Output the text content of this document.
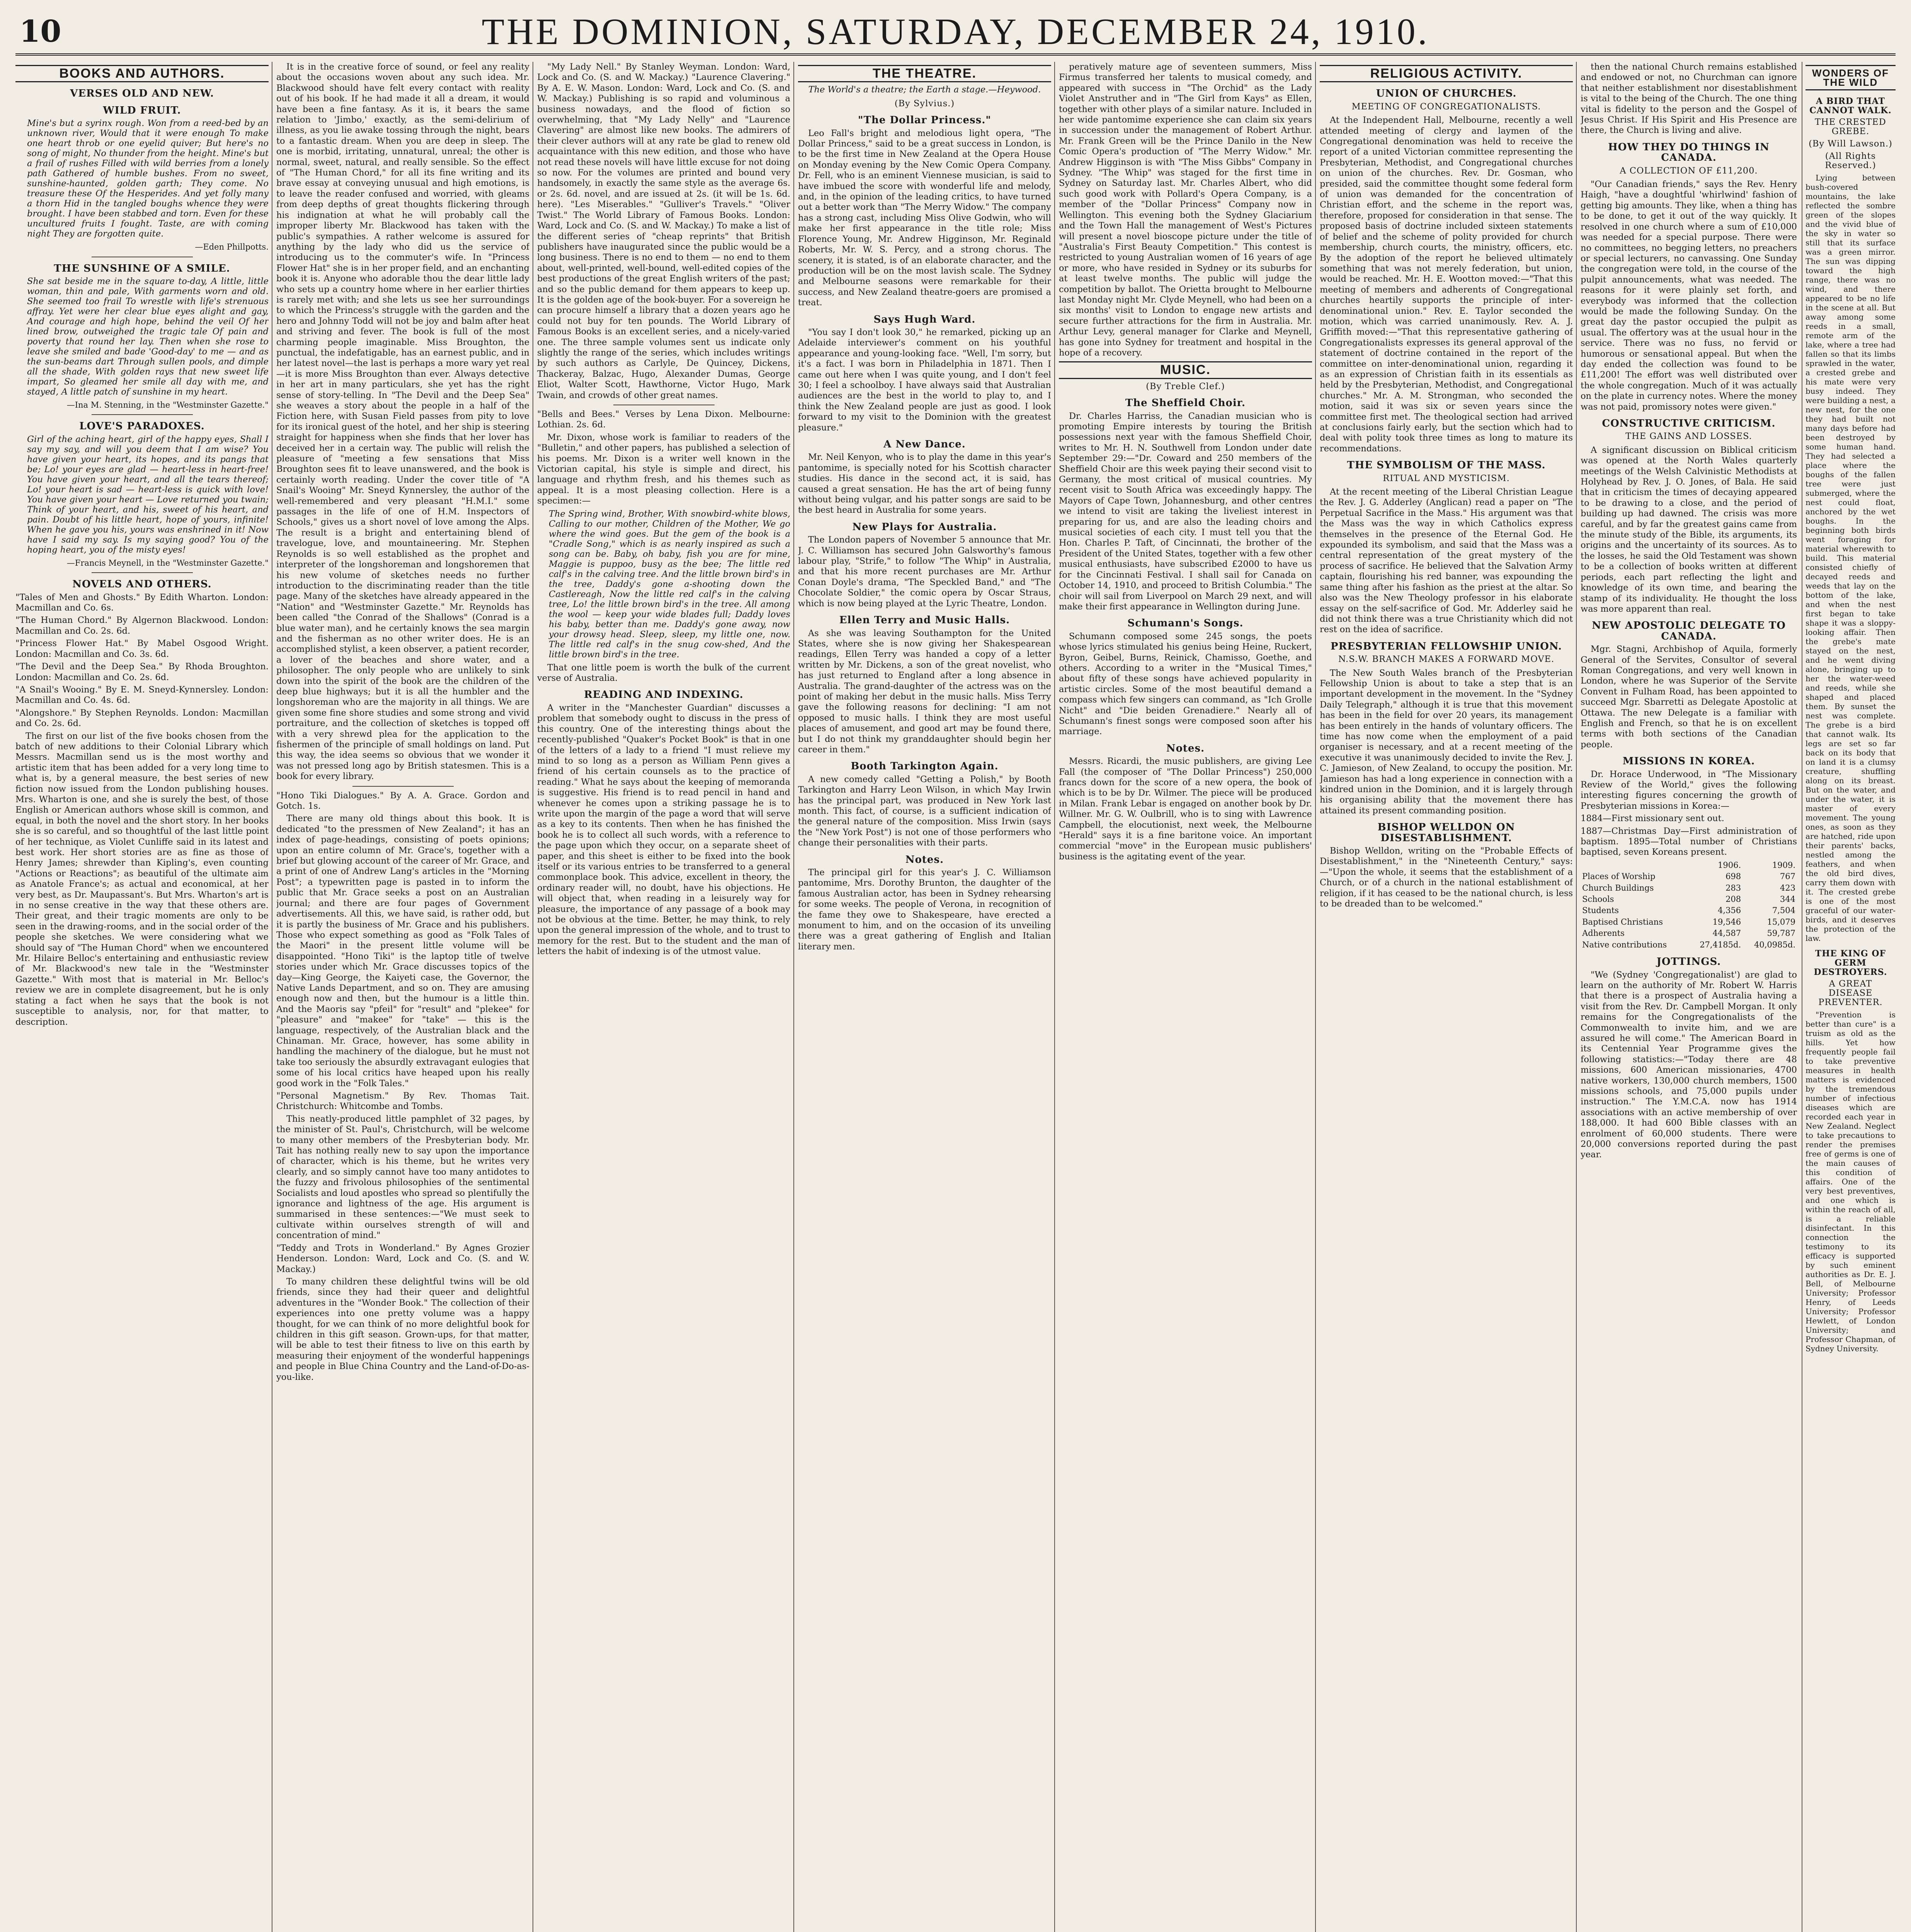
10	THE DOMINION, SATURDAY, DECEMBER 24, 1910.
BOOKS AND AUTHORS.
VERSES OLD AND NEW.
WILD FRUIT.
Mine's but a syrinx rough. Won from a reed-bed by an unknown river, Would that it were enough To make one heart throb or one eyelid quiver; But here's no song of might, No thunder from the height. Mine's but a frail of rushes Filled with wild berries from a lonely path Gathered of humble bushes. From no sweet, sunshine-haunted, golden garth; They come. No treasure these Of the Hesperides. And yet folly many a thorn Hid in the tangled boughs whence they were brought. I have been stabbed and torn. Even for these uncultured fruits I fought. Taste, are with coming night They are forgotten quite.
—Eden Phillpotts.
THE SUNSHINE OF A SMILE.
She sat beside me in the square to-day, A little, little woman, thin and pale, With garments worn and old. She seemed too frail To wrestle with life's strenuous affray. Yet were her clear blue eyes alight and gay, And courage and high hope, behind the veil Of her lined brow, outweighed the tragic tale Of pain and poverty that round her lay. Then when she rose to leave she smiled and bade 'Good-day' to me — and as the sun-beams dart Through sullen pools, and dimple all the shade, With golden rays that new sweet life impart, So gleamed her smile all day with me, and stayed, A little patch of sunshine in my heart.
—Ina M. Stenning, in the "Westminster Gazette."
LOVE'S PARADOXES.
Girl of the aching heart, girl of the happy eyes, Shall I say my say, and will you deem that I am wise? You have given your heart, its hopes, and its pangs that be; Lo! your eyes are glad — heart-less in heart-free! You have given your heart, and all the tears thereof; Lo! your heart is sad — heart-less is quick with love! You have given your heart — Love returned you twain; Think of your heart, and his, sweet of his heart, and pain. Doubt of his little heart, hope of yours, infinite! When he gave you his, yours was enshrined in it! Now have I said my say. Is my saying good? You of the hoping heart, you of the misty eyes!
—Francis Meynell, in the "Westminster Gazette."
NOVELS AND OTHERS.

"Tales of Men and Ghosts." By Edith Wharton. London: Macmillan and Co. 6s.

"The Human Chord." By Algernon Blackwood. London: Macmillan and Co. 2s. 6d.

"Princess Flower Hat." By Mabel Osgood Wright. London: Macmillan and Co. 3s. 6d.

"The Devil and the Deep Sea." By Rhoda Broughton. London: Macmillan and Co. 2s. 6d.

"A Snail's Wooing." By E. M. Sneyd-Kynnersley. London: Macmillan and Co. 4s. 6d.

"Alongshore." By Stephen Reynolds. London: Macmillan and Co. 2s. 6d.

The first on our list of the five books chosen from the batch of new additions to their Colonial Library which Messrs. Macmillan send us is the most worthy and artistic item that has been added for a very long time to what is, by a general measure, the best series of new fiction now issued from the London publishing houses. Mrs. Wharton is one, and she is surely the best, of those English or American authors whose skill is common, and equal, in both the novel and the short story. In her books she is so careful, and so thoughtful of the last little point of her technique, as Violet Cunliffe said in its latest and best work. Her short stories are as fine as those of Henry James; shrewder than Kipling's, even counting "Actions or Reactions"; as beautiful of the ultimate aim as Anatole France's; as actual and economical, at her very best, as Dr. Maupassant's. But Mrs. Wharton's art is in no sense creative in the way that these others are. Their great, and their tragic moments are only to be seen in the drawing-rooms, and in the social order of the people she sketches. We were considering what we should say of "The Human Chord" when we encountered Mr. Hilaire Belloc's entertaining and enthusiastic review of Mr. Blackwood's new tale in the "Westminster Gazette." With most that is material in Mr. Belloc's review we are in complete disagreement, but he is only stating a fact when he says that the book is not susceptible to analysis, nor, for that matter, to description.

It is in the creative force of sound, or feel any reality about the occasions woven about any such idea. Mr. Blackwood should have felt every contact with reality out of his book. If he had made it all a dream, it would have been a fine fantasy. As it is, it bears the same relation to 'Jimbo,' exactly, as the semi-delirium of illness, as you lie awake tossing through the night, bears to a fantastic dream. When you are deep in sleep. The one is morbid, irritating, unnatural, unreal; the other is normal, sweet, natural, and really sensible. So the effect of "The Human Chord," for all its fine writing and its brave essay at conveying unusual and high emotions, is to leave the reader confused and worried, with gleams from deep depths of great thoughts flickering through his indignation at what he will probably call the improper liberty Mr. Blackwood has taken with the public's sympathies. A rather welcome is assured for anything by the lady who did us the service of introducing us to the commuter's wife. In "Princess Flower Hat" she is in her proper field, and an enchanting book it is. Anyone who adorable thou the dear little lady who sets up a country home where in her earlier thirties is rarely met with; and she lets us see her surroundings to which the Princess's struggle with the garden and the hero and Johnny Todd will not be joy and balm after heat and striving and fever. The book is full of the most charming people imaginable. Miss Broughton, the punctual, the indefatigable, has an earnest public, and in her latest novel—the last is perhaps a more wary yet real—it is more Miss Broughton than ever. Always detective in her art in many particulars, she yet has the right sense of story-telling. In "The Devil and the Deep Sea" she weaves a story about the people in a half of the Fiction here, with Susan Field passes from pity to love for its ironical guest of the hotel, and her ship is steering straight for happiness when she finds that her lover has deceived her in a certain way. The public will relish the pleasure of "meeting a few sensations that Miss Broughton sees fit to leave unanswered, and the book is certainly worth reading. Under the cover title of "A Snail's Wooing" Mr. Sneyd Kynnersley, the author of the well-remembered and very pleasant "H.M.I." some passages in the life of one of H.M. Inspectors of Schools," gives us a short novel of love among the Alps. The result is a bright and entertaining blend of travelogue, love, and mountaineering. Mr. Stephen Reynolds is so well established as the prophet and interpreter of the longshoreman and longshoremen that his new volume of sketches needs no further introduction to the discriminating reader than the title page. Many of the sketches have already appeared in the "Nation" and "Westminster Gazette." Mr. Reynolds has been called "the Conrad of the Shallows" (Conrad is a blue water man), and he certainly knows the sea margin and the fisherman as no other writer does. He is an accomplished stylist, a keen observer, a patient recorder, a lover of the beaches and shore water, and a philosopher. The only people who are unlikely to sink down into the spirit of the book are the children of the deep blue highways; but it is all the humbler and the longshoreman who are the majority in all things. We are given some fine shore studies and some strong and vivid portraiture, and the collection of sketches is topped off with a very shrewd plea for the application to the fishermen of the principle of small holdings on land. Put this way, the idea seems so obvious that we wonder it was not pressed long ago by British statesmen. This is a book for every library.

"Hono Tiki Dialogues." By A. A. Grace. Gordon and Gotch. 1s.

There are many old things about this book. It is dedicated "to the pressmen of New Zealand"; it has an index of page-headings, consisting of poets opinions; upon an entire column of Mr. Grace's, together with a brief but glowing account of the career of Mr. Grace, and a print of one of Andrew Lang's articles in the "Morning Post"; a typewritten page is pasted in to inform the public that Mr. Grace seeks a post on an Australian journal; and there are four pages of Government advertisements. All this, we have said, is rather odd, but it is partly the business of Mr. Grace and his publishers. Those who expect something as good as "Folk Tales of the Maori" in the present little volume will be disappointed. "Hono Tiki" is the laptop title of twelve stories under which Mr. Grace discusses topics of the day—King George, the Kaiyeti case, the Governor, the Native Lands Department, and so on. They are amusing enough now and then, but the humour is a little thin. And the Maoris say "pfeil" for "result" and "plekee" for "pleasure" and "makee" for "take" — this is the language, respectively, of the Australian black and the Chinaman. Mr. Grace, however, has some ability in handling the machinery of the dialogue, but he must not take too seriously the absurdly extravagant eulogies that some of his local critics have heaped upon his really good work in the "Folk Tales."

"Personal Magnetism." By Rev. Thomas Tait. Christchurch: Whitcombe and Tombs.

This neatly-produced little pamphlet of 32 pages, by the minister of St. Paul's, Christchurch, will be welcome to many other members of the Presbyterian body. Mr. Tait has nothing really new to say upon the importance of character, which is his theme, but he writes very clearly, and so simply cannot have too many antidotes to the fuzzy and frivolous philosophies of the sentimental Socialists and loud apostles who spread so plentifully the ignorance and lightness of the age. His argument is summarised in these sentences:—"We must seek to cultivate within ourselves strength of will and concentration of mind."

"Teddy and Trots in Wonderland." By Agnes Grozier Henderson. London: Ward, Lock and Co. (S. and W. Mackay.)

To many children these delightful twins will be old friends, since they had their queer and delightful adventures in the "Wonder Book." The collection of their experiences into one pretty volume was a happy thought, for we can think of no more delightful book for children in this gift season. Grown-ups, for that matter, will be able to test their fitness to live on this earth by measuring their enjoyment of the wonderful happenings and people in Blue China Country and the Land-of-Do-as-you-like.

"My Lady Nell." By Stanley Weyman. London: Ward, Lock and Co. (S. and W. Mackay.) "Laurence Clavering." By A. E. W. Mason. London: Ward, Lock and Co. (S. and W. Mackay.) Publishing is so rapid and voluminous a business nowadays, and the flood of fiction so overwhelming, that "My Lady Nelly" and "Laurence Clavering" are almost like new books. The admirers of their clever authors will at any rate be glad to renew old acquaintance with this new edition, and those who have not read these novels will have little excuse for not doing so now. For the volumes are printed and bound very handsomely, in exactly the same style as the average 6s. or 2s. 6d. novel, and are issued at 2s. (it will be 1s. 6d. here). "Les Miserables." "Gulliver's Travels." "Oliver Twist." The World Library of Famous Books. London: Ward, Lock and Co. (S. and W. Mackay.) To make a list of the different series of "cheap reprints" that British publishers have inaugurated since the public would be a long business. There is no end to them — no end to them about, well-printed, well-bound, well-edited copies of the best productions of the great English writers of the past; and so the public demand for them appears to keep up. It is the golden age of the book-buyer. For a sovereign he can procure himself a library that a dozen years ago he could not buy for ten pounds. The World Library of Famous Books is an excellent series, and a nicely-varied one. The three sample volumes sent us indicate only slightly the range of the series, which includes writings by such authors as Carlyle, De Quincey, Dickens, Thackeray, Balzac, Hugo, Alexander Dumas, George Eliot, Walter Scott, Hawthorne, Victor Hugo, Mark Twain, and crowds of other great names.

"Bells and Bees." Verses by Lena Dixon. Melbourne: Lothian. 2s. 6d.

Mr. Dixon, whose work is familiar to readers of the "Bulletin," and other papers, has published a selection of his poems. Mr. Dixon is a writer well known in the Victorian capital, his style is simple and direct, his language and rhythm fresh, and his themes such as appeal. It is a most pleasing collection. Here is a specimen:—

The Spring wind, Brother, With snowbird-white blows, Calling to our mother, Children of the Mother, We go where the wind goes. But the gem of the book is a "Cradle Song," which is as nearly inspired as such a song can be. Baby, oh baby, fish you are for mine, Maggie is puppoo, busy as the bee; The little red calf's in the calving tree. And the little brown bird's in the tree, Daddy's gone a-shooting down the Castlereagh, Now the little red calf's in the calving tree, Lo! the little brown bird's in the tree. All among the wool — keep your wide blades full; Daddy loves his baby, better than me. Daddy's gone away, now your drowsy head. Sleep, sleep, my little one, now. The little red calf's in the snug cow-shed, And the little brown bird's in the tree.

That one little poem is worth the bulk of the current verse of Australia.

READING AND INDEXING.

A writer in the "Manchester Guardian" discusses a problem that somebody ought to discuss in the press of this country. One of the interesting things about the recently-published "Quaker's Pocket Book" is that in one of the letters of a lady to a friend "I must relieve my mind to so long as a person as William Penn gives a friend of his certain counsels as to the practice of reading." What he says about the keeping of memoranda is suggestive. His friend is to read pencil in hand and whenever he comes upon a striking passage he is to write upon the margin of the page a word that will serve as a key to its contents. Then when he has finished the book he is to collect all such words, with a reference to the page upon which they occur, on a separate sheet of paper, and this sheet is either to be fixed into the book itself or its various entries to be transferred to a general commonplace book. This advice, excellent in theory, the ordinary reader will, no doubt, have his objections. He will object that, when reading in a leisurely way for pleasure, the importance of any passage of a book may not be obvious at the time. Better, he may think, to rely upon the general impression of the whole, and to trust to memory for the rest. But to the student and the man of letters the habit of indexing is of the utmost value.

THE THEATRE.
The World's a theatre; the Earth a stage.—Heywood.
(By Sylvius.)
"The Dollar Princess."

Leo Fall's bright and melodious light opera, "The Dollar Princess," said to be a great success in London, is to be the first time in New Zealand at the Opera House on Monday evening by the New Comic Opera Company. Dr. Fell, who is an eminent Viennese musician, is said to have imbued the score with wonderful life and melody, and, in the opinion of the leading critics, to have turned out a better work than "The Merry Widow." The company has a strong cast, including Miss Olive Godwin, who will make her first appearance in the title role; Miss Florence Young, Mr. Andrew Higginson, Mr. Reginald Roberts, Mr. W. S. Percy, and a strong chorus. The scenery, it is stated, is of an elaborate character, and the production will be on the most lavish scale. The Sydney and Melbourne seasons were remarkable for their success, and New Zealand theatre-goers are promised a treat.

Says Hugh Ward.

"You say I don't look 30," he remarked, picking up an Adelaide interviewer's comment on his youthful appearance and young-looking face. "Well, I'm sorry, but it's a fact. I was born in Philadelphia in 1871. Then I came out here when I was quite young, and I don't feel 30; I feel a schoolboy. I have always said that Australian audiences are the best in the world to play to, and I think the New Zealand people are just as good. I look forward to my visit to the Dominion with the greatest pleasure."

A New Dance.

Mr. Neil Kenyon, who is to play the dame in this year's pantomime, is specially noted for his Scottish character studies. His dance in the second act, it is said, has caused a great sensation. He has the art of being funny without being vulgar, and his patter songs are said to be the best heard in Australia for some years.

New Plays for Australia.

The London papers of November 5 announce that Mr. J. C. Williamson has secured John Galsworthy's famous labour play, "Strife," to follow "The Whip" in Australia, and that his more recent purchases are Mr. Arthur Conan Doyle's drama, "The Speckled Band," and "The Chocolate Soldier," the comic opera by Oscar Straus, which is now being played at the Lyric Theatre, London.

Ellen Terry and Music Halls.

As she was leaving Southampton for the United States, where she is now giving her Shakespearean readings, Ellen Terry was handed a copy of a letter written by Mr. Dickens, a son of the great novelist, who has just returned to England after a long absence in Australia. The grand-daughter of the actress was on the point of making her debut in the music halls. Miss Terry gave the following reasons for declining: "I am not opposed to music halls. I think they are most useful places of amusement, and good art may be found there, but I do not think my granddaughter should begin her career in them."

Booth Tarkington Again.

A new comedy called "Getting a Polish," by Booth Tarkington and Harry Leon Wilson, in which May Irwin has the principal part, was produced in New York last month. This fact, of course, is a sufficient indication of the general nature of the composition. Miss Irwin (says the "New York Post") is not one of those performers who change their personalities with their parts.

Notes.

The principal girl for this year's J. C. Williamson pantomime, Mrs. Dorothy Brunton, the daughter of the famous Australian actor, has been in Sydney rehearsing for some weeks. The people of Verona, in recognition of the fame they owe to Shakespeare, have erected a monument to him, and on the occasion of its unveiling there was a great gathering of English and Italian literary men.

peratively mature age of seventeen summers, Miss Firmus transferred her talents to musical comedy, and appeared with success in "The Orchid" as the Lady Violet Anstruther and in "The Girl from Kays" as Ellen, together with other plays of a similar nature. Included in her wide pantomime experience she can claim six years in succession under the management of Robert Arthur. Mr. Frank Green will be the Prince Danilo in the New Comic Opera's production of "The Merry Widow." Mr. Andrew Higginson is with "The Miss Gibbs" Company in Sydney. "The Whip" was staged for the first time in Sydney on Saturday last. Mr. Charles Albert, who did such good work with Pollard's Opera Company, is a member of the "Dollar Princess" Company now in Wellington. This evening both the Sydney Glaciarium and the Town Hall the management of West's Pictures will present a novel bioscope picture under the title of "Australia's First Beauty Competition." This contest is restricted to young Australian women of 16 years of age or more, who have resided in Sydney or its suburbs for at least twelve months. The public will judge the competition by ballot. The Orietta brought to Melbourne last Monday night Mr. Clyde Meynell, who had been on a six months' visit to London to engage new artists and secure further attractions for the firm in Australia. Mr. Arthur Levy, general manager for Clarke and Meynell, has gone into Sydney for treatment and hospital in the hope of a recovery.

MUSIC.
(By Treble Clef.)
The Sheffield Choir.

Dr. Charles Harriss, the Canadian musician who is promoting Empire interests by touring the British possessions next year with the famous Sheffield Choir, writes to Mr. H. N. Southwell from London under date September 29:—"Dr. Coward and 250 members of the Sheffield Choir are this week paying their second visit to Germany, the most critical of musical countries. My recent visit to South Africa was exceedingly happy. The Mayors of Cape Town, Johannesburg, and other centres we intend to visit are taking the liveliest interest in preparing for us, and are also the leading choirs and musical societies of each city. I must tell you that the Hon. Charles P. Taft, of Cincinnati, the brother of the President of the United States, together with a few other musical enthusiasts, have subscribed £2000 to have us for the Cincinnati Festival. I shall sail for Canada on October 14, 1910, and proceed to British Columbia." The choir will sail from Liverpool on March 29 next, and will make their first appearance in Wellington during June.

Schumann's Songs.

Schumann composed some 245 songs, the poets whose lyrics stimulated his genius being Heine, Ruckert, Byron, Geibel, Burns, Reinick, Chamisso, Goethe, and others. According to a writer in the "Musical Times," about fifty of these songs have achieved popularity in artistic circles. Some of the most beautiful demand a compass which few singers can command, as "Ich Grolle Nicht" and "Die beiden Grenadiere." Nearly all of Schumann's finest songs were composed soon after his marriage.

Notes.

Messrs. Ricardi, the music publishers, are giving Lee Fall (the composer of "The Dollar Princess") 250,000 francs down for the score of a new opera, the book of which is to be by Dr. Wilmer. The piece will be produced in Milan. Frank Lebar is engaged on another book by Dr. Willner. Mr. G. W. Oulbrill, who is to sing with Lawrence Campbell, the elocutionist, next week, the Melbourne "Herald" says it is a fine baritone voice. An important commercial "move" in the European music publishers' business is the agitating event of the year.

RELIGIOUS ACTIVITY.
UNION OF CHURCHES.
MEETING OF CONGREGATIONALISTS.

At the Independent Hall, Melbourne, recently a well attended meeting of clergy and laymen of the Congregational denomination was held to receive the report of a united Victorian committee representing the Presbyterian, Methodist, and Congregational churches on union of the churches. Rev. Dr. Gosman, who presided, said the committee thought some federal form of union was demanded for the concentration of Christian effort, and the scheme in the report was, therefore, proposed for consideration in that sense. The proposed basis of doctrine included sixteen statements of belief and the scheme of polity provided for church membership, church courts, the ministry, officers, etc. By the adoption of the report he believed ultimately something that was not merely federation, but union, would be reached. Mr. H. E. Wootton moved:—"That this meeting of members and adherents of Congregational churches heartily supports the principle of inter-denominational union." Rev. E. Taylor seconded the motion, which was carried unanimously. Rev. A. J. Griffith moved:—"That this representative gathering of Congregationalists expresses its general approval of the statement of doctrine contained in the report of the committee on inter-denominational union, regarding it as an expression of Christian faith in its essentials as held by the Presbyterian, Methodist, and Congregational churches." Mr. A. M. Strongman, who seconded the motion, said it was six or seven years since the committee first met. The theological section had arrived at conclusions fairly early, but the section which had to deal with polity took three times as long to mature its recommendations.

THE SYMBOLISM OF THE MASS.
RITUAL AND MYSTICISM.

At the recent meeting of the Liberal Christian League the Rev. J. G. Adderley (Anglican) read a paper on "The Perpetual Sacrifice in the Mass." His argument was that the Mass was the way in which Catholics express themselves in the presence of the Eternal God. He expounded its symbolism, and said that the Mass was a central representation of the great mystery of the process of sacrifice. He believed that the Salvation Army captain, flourishing his red banner, was expounding the same thing after his fashion as the priest at the altar. So also was the New Theology professor in his elaborate essay on the self-sacrifice of God. Mr. Adderley said he did not think there was a true Christianity which did not rest on the idea of sacrifice.

PRESBYTERIAN FELLOWSHIP UNION.
N.S.W. BRANCH MAKES A FORWARD MOVE.

The New South Wales branch of the Presbyterian Fellowship Union is about to take a step that is an important development in the movement. In the "Sydney Daily Telegraph," although it is true that this movement has been in the field for over 20 years, its management has been entirely in the hands of voluntary officers. The time has now come when the employment of a paid organiser is necessary, and at a recent meeting of the executive it was unanimously decided to invite the Rev. J. C. Jamieson, of New Zealand, to occupy the position. Mr. Jamieson has had a long experience in connection with a kindred union in the Dominion, and it is largely through his organising ability that the movement there has attained its present commanding position.

BISHOP WELLDON ON DISESTABLISHMENT.

Bishop Welldon, writing on the "Probable Effects of Disestablishment," in the "Nineteenth Century," says:—"Upon the whole, it seems that the establishment of a Church, or of a church in the national establishment of religion, if it has ceased to be the national church, is less to be dreaded than to be welcomed."

then the national Church remains established and endowed or not, no Churchman can ignore that neither establishment nor disestablishment is vital to the being of the Church. The one thing vital is fidelity to the person and the Gospel of Jesus Christ. If His Spirit and His Presence are there, the Church is living and alive.

HOW THEY DO THINGS IN CANADA.
A COLLECTION OF £11,200.

"Our Canadian friends," says the Rev. Henry Haigh, "have a doughtful 'whirlwind' fashion of getting big amounts. They like, when a thing has to be done, to get it out of the way quickly. It resolved in one church where a sum of £10,000 was needed for a special purpose. There were no committees, no begging letters, no preachers or special lecturers, no canvassing. One Sunday the congregation were told, in the course of the pulpit announcements, what was needed. The reasons for it were plainly set forth, and everybody was informed that the collection would be made the following Sunday. On the great day the pastor occupied the pulpit as usual. The offertory was at the usual hour in the service. There was no fuss, no fervid or humorous or sensational appeal. But when the day ended the collection was found to be £11,200! The effort was well distributed over the whole congregation. Much of it was actually on the plate in currency notes. Where the money was not paid, promissory notes were given."

CONSTRUCTIVE CRITICISM.
THE GAINS AND LOSSES.

A significant discussion on Biblical criticism was opened at the North Wales quarterly meetings of the Welsh Calvinistic Methodists at Holyhead by Rev. J. O. Jones, of Bala. He said that in criticism the times of decaying appeared to be drawing to a close, and the period of building up had dawned. The crisis was more careful, and by far the greatest gains came from the minute study of the Bible, its arguments, its origins and the uncertainty of its sources. As to the losses, he said the Old Testament was shown to be a collection of books written at different periods, each part reflecting the light and knowledge of its own time, and bearing the stamp of its individuality. He thought the loss was more apparent than real.

NEW APOSTOLIC DELEGATE TO CANADA.

Mgr. Stagni, Archbishop of Aquila, formerly General of the Servites, Consultor of several Roman Congregations, and very well known in London, where he was Superior of the Servite Convent in Fulham Road, has been appointed to succeed Mgr. Sbarretti as Delegate Apostolic at Ottawa. The new Delegate is a familiar with English and French, so that he is on excellent terms with both sections of the Canadian people.

MISSIONS IN KOREA.

Dr. Horace Underwood, in "The Missionary Review of the World," gives the following interesting figures concerning the growth of Presbyterian missions in Korea:—

1884—First missionary sent out.

1887—Christmas Day—First administration of baptism. 1895—Total number of Christians baptised, seven Koreans present.

	1906.	1909.
Places of Worship	698	767
Church Buildings	283	423
Schools	208	344
Students	4,356	7,504
Baptised Christians	19,546	15,079
Adherents	44,587	59,787
Native contributions	27,4185d.	40,0985d.
JOTTINGS.

"We (Sydney 'Congregationalist') are glad to learn on the authority of Mr. Robert W. Harris that there is a prospect of Australia having a visit from the Rev. Dr. Campbell Morgan. It only remains for the Congregationalists of the Commonwealth to invite him, and we are assured he will come." The American Board in its Centennial Year Programme gives the following statistics:—"Today there are 48 missions, 600 American missionaries, 4700 native workers, 130,000 church members, 1500 missions schools, and 75,000 pupils under instruction." The Y.M.C.A. now has 1914 associations with an active membership of over 188,000. It had 600 Bible classes with an enrolment of 60,000 students. There were 20,000 conversions reported during the past year.

WONDERS OF THE WILD
A BIRD THAT CANNOT WALK.
THE CRESTED GREBE.
(By Will Lawson.)
(All Rights Reserved.)

Lying between bush-covered mountains, the lake reflected the sombre green of the slopes and the vivid blue of the sky in water so still that its surface was a green mirror. The sun was dipping toward the high range, there was no wind, and there appeared to be no life in the scene at all. But away among some reeds in a small, remote arm of the lake, where a tree had fallen so that its limbs sprawled in the water, a crested grebe and his mate were very busy indeed. They were building a nest, a new nest, for the one they had built not many days before had been destroyed by some human hand. They had selected a place where the boughs of the fallen tree were just submerged, where the nest could float, anchored by the wet boughs. In the beginning both birds went foraging for material wherewith to build. This material consisted chiefly of decayed reeds and weeds that lay on the bottom of the lake, and when the nest first began to take shape it was a sloppy-looking affair. Then the grebe's mate stayed on the nest, and he went diving alone, bringing up to her the water-weed and reeds, while she shaped and placed them. By sunset the nest was complete. The grebe is a bird that cannot walk. Its legs are set so far back on its body that on land it is a clumsy creature, shuffling along on its breast. But on the water, and under the water, it is master of every movement. The young ones, as soon as they are hatched, ride upon their parents' backs, nestled among the feathers, and when the old bird dives, carry them down with it. The crested grebe is one of the most graceful of our water-birds, and it deserves the protection of the law.

THE KING OF GERM DESTROYERS.
A GREAT DISEASE PREVENTER.

"Prevention is better than cure" is a truism as old as the hills. Yet how frequently people fail to take preventive measures in health matters is evidenced by the tremendous number of infectious diseases which are recorded each year in New Zealand. Neglect to take precautions to render the premises free of germs is one of the main causes of this condition of affairs. One of the very best preventives, and one which is within the reach of all, is a reliable disinfectant. In this connection the testimony to its efficacy is supported by such eminent authorities as Dr. E. J. Bell, of Melbourne University; Professor Henry, of Leeds University; Professor Hewlett, of London University; and Professor Chapman, of Sydney University.
